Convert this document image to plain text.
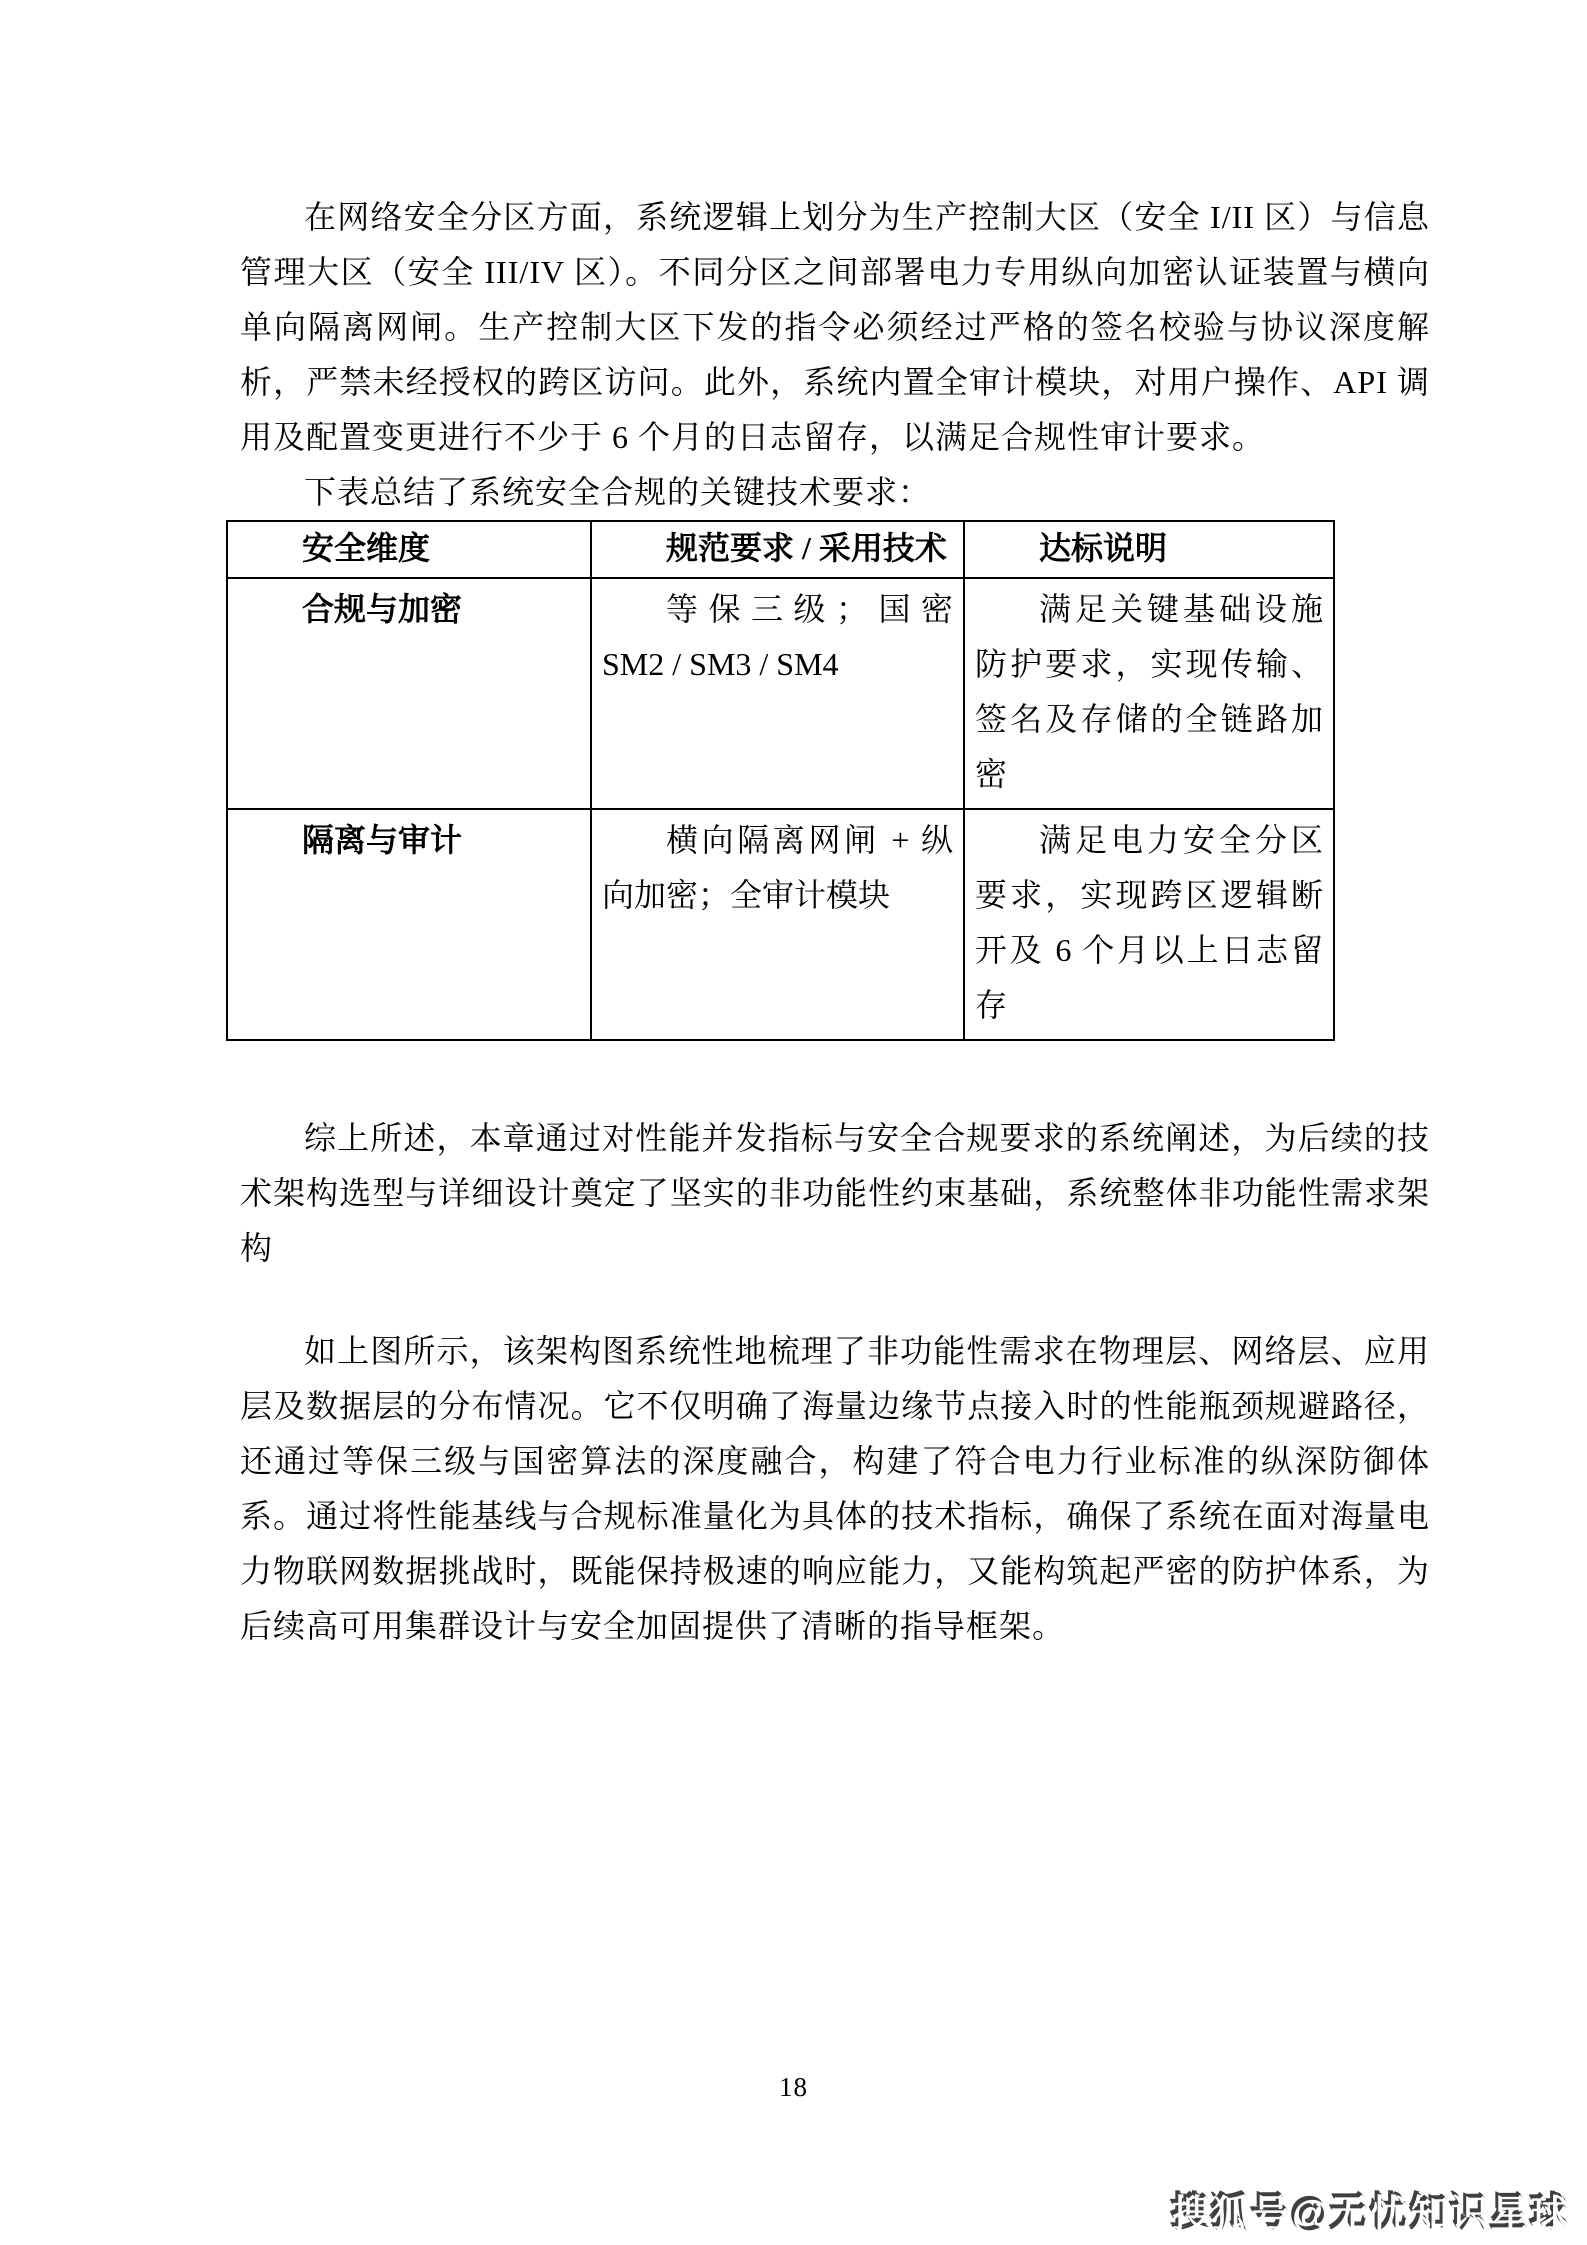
在网络安全分区方面，系统逻辑上划分为生产控制大区（安全 I/II 区）与信息管理大区（安全 III/IV 区）。不同分区之间部署电力专用纵向加密认证装置与横向单向隔离网闸。生产控制大区下发的指令必须经过严格的签名校验与协议深度解析，严禁未经授权的跨区访问。此外，系统内置全审计模块，对用户操作、API 调用及配置变更进行不少于 6 个月的日志留存，以满足合规性审计要求。

下表总结了系统安全合规的关键技术要求：

安全维度	规范要求 / 采用技术	达标说明
合规与加密	等保三级；国密 SM2 / SM3 / SM4	满足关键基础设施防护要求，实现传输、签名及存储的全链路加密
隔离与审计	横向隔离网闸 + 纵向加密；全审计模块	满足电力安全分区要求，实现跨区逻辑断开及 6 个月以上日志留存

综上所述，本章通过对性能并发指标与安全合规要求的系统阐述，为后续的技术架构选型与详细设计奠定了坚实的非功能性约束基础，系统整体非功能性需求架构

如上图所示，该架构图系统性地梳理了非功能性需求在物理层、网络层、应用层及数据层的分布情况。它不仅明确了海量边缘节点接入时的性能瓶颈规避路径，还通过等保三级与国密算法的深度融合，构建了符合电力行业标准的纵深防御体系。通过将性能基线与合规标准量化为具体的技术指标，确保了系统在面对海量电力物联网数据挑战时，既能保持极速的响应能力，又能构筑起严密的防护体系，为后续高可用集群设计与安全加固提供了清晰的指导框架。

18
搜狐号@无忧知识星球
